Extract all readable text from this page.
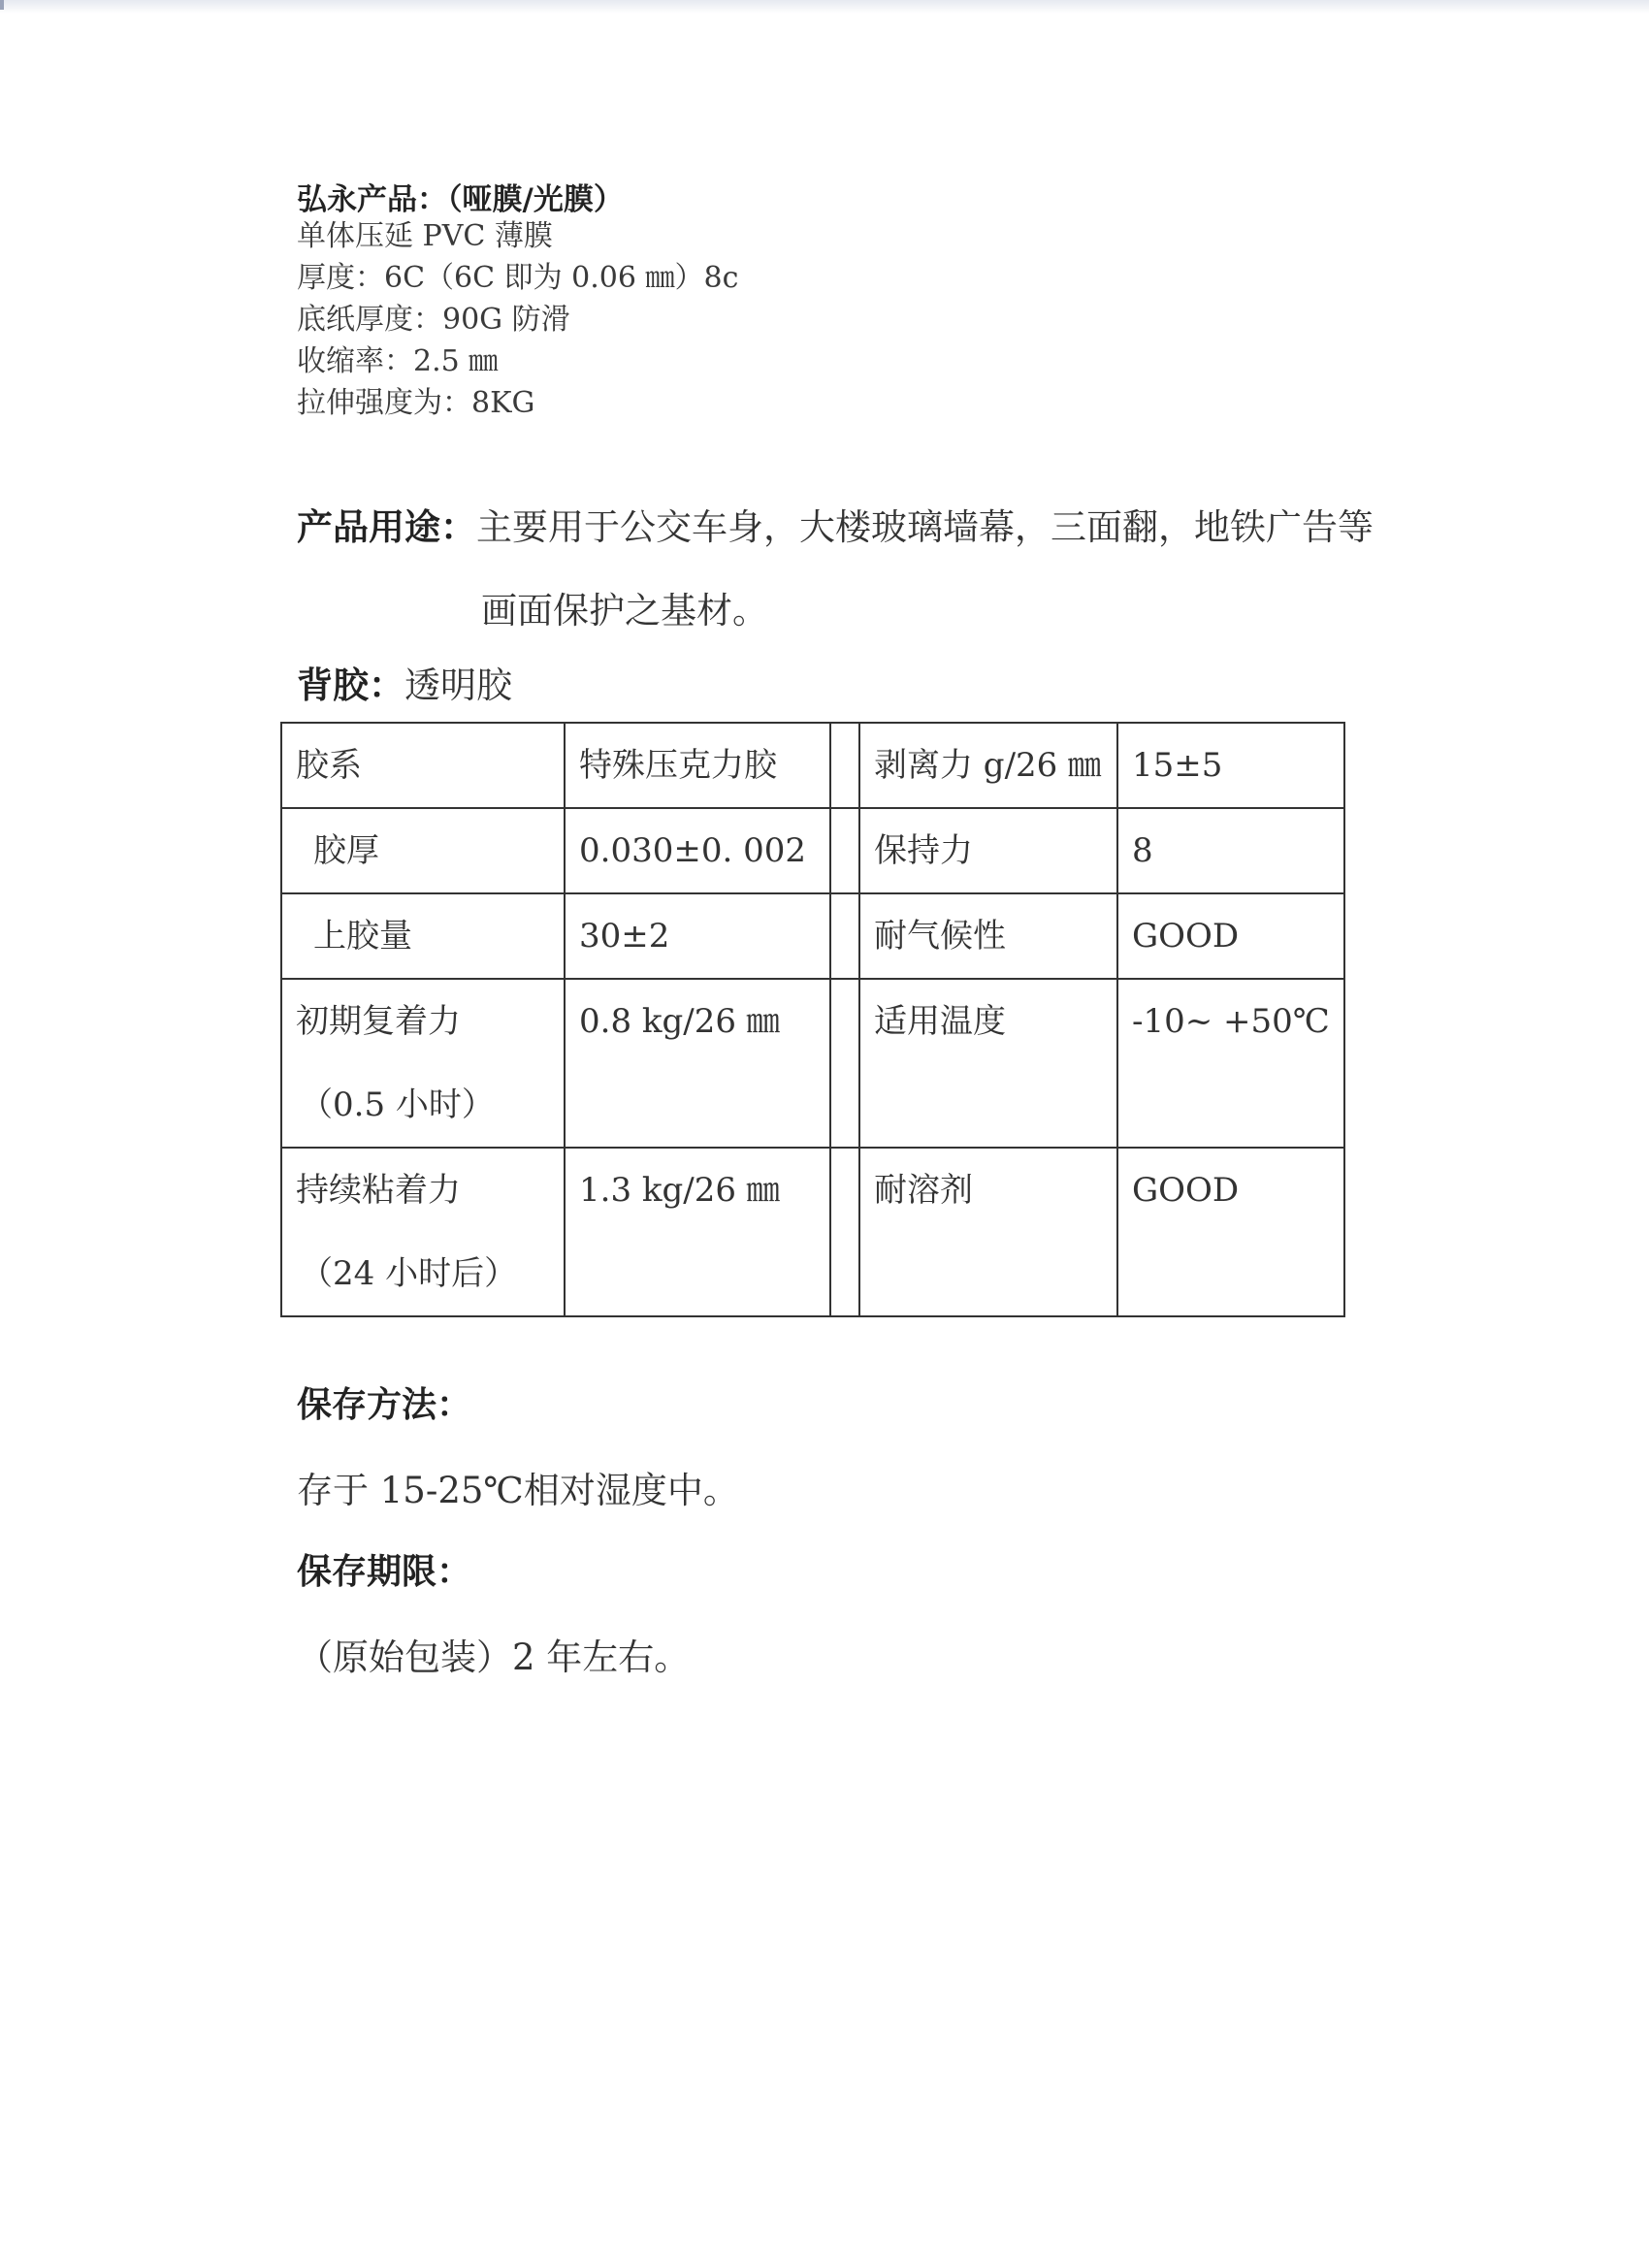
弘永产品：（哑膜/光膜）
单体压延 PVC 薄膜
厚度：6C（6C 即为 0.06 ㎜）8c
底纸厚度：90G 防滑
收缩率：2.5 ㎜
拉伸强度为：8KG
产品用途：主要用于公交车身，大楼玻璃墙幕，三面翻，地铁广告等
画面保护之基材。
背胶：透明胶
胶系	特殊压克力胶		剥离力 g/26 ㎜	15±5
胶厚	0.030±0. 002		保持力	8
上胶量	30±2		耐气候性	GOOD

初期复着力
（0.5 小时）	0.8 kg/26 ㎜		适用温度	-10~ +50℃

持续粘着力
（24 小时后）	1.3 kg/26 ㎜		耐溶剂	GOOD
保存方法：
存于 15-25℃相对湿度中。
保存期限：
（原始包装）2 年左右。
